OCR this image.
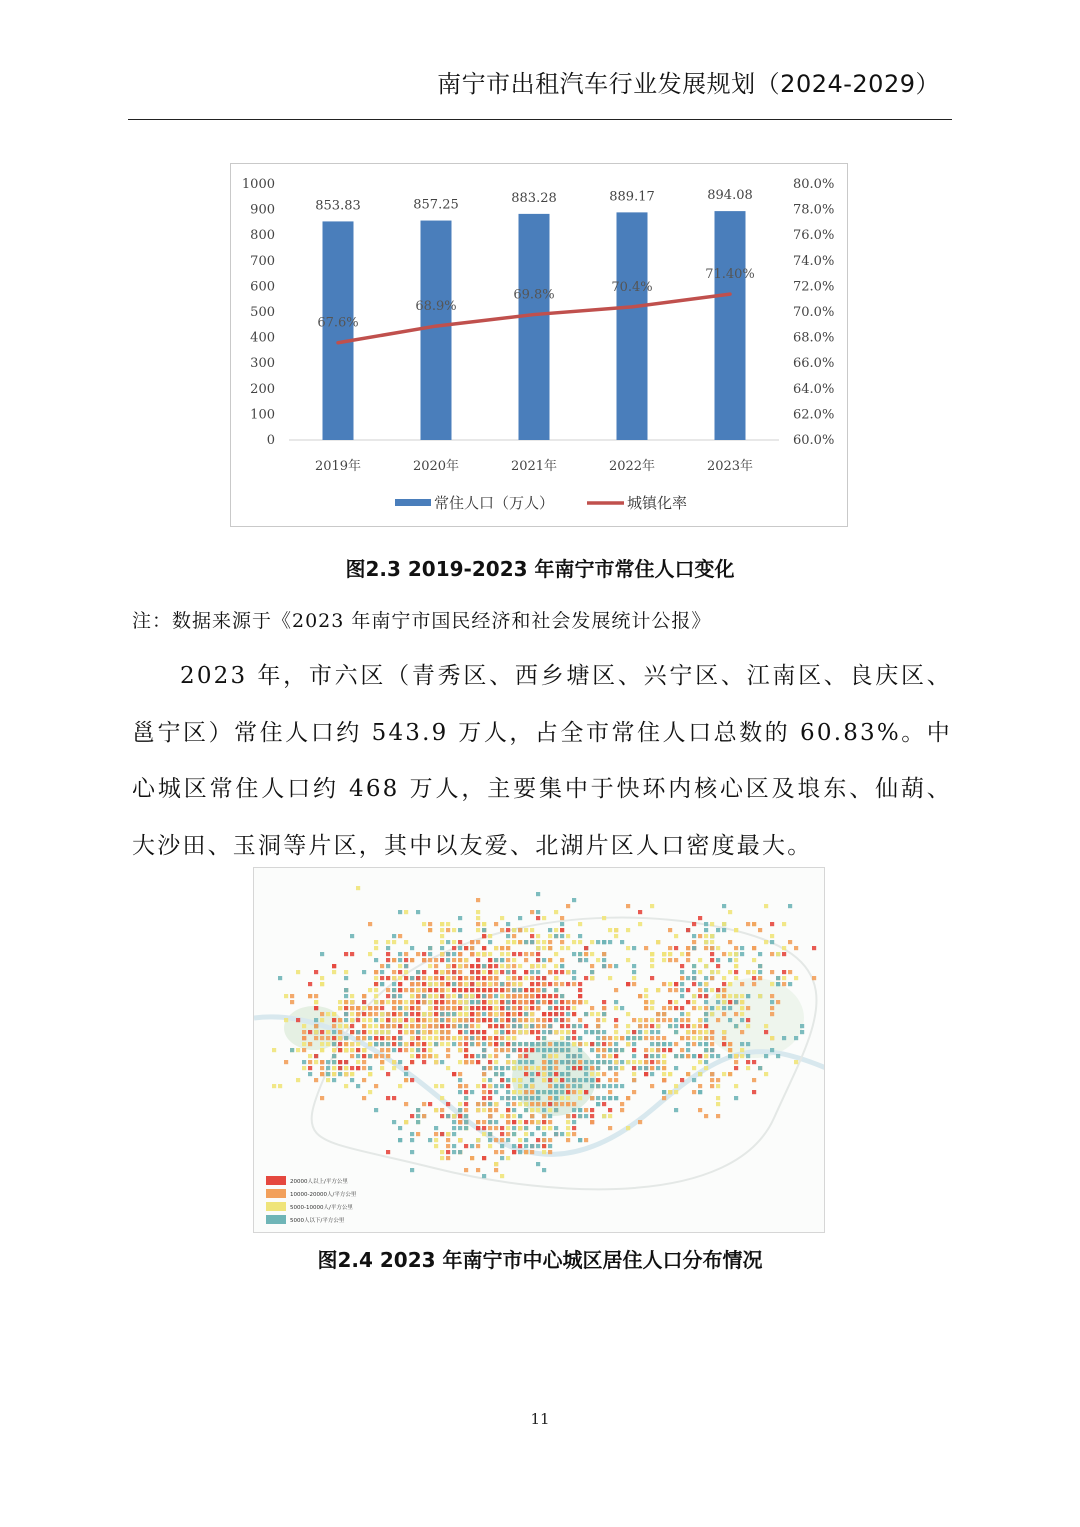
南宁市出租汽车行业发展规划（2024-2029）
0
100
200
300
400
500
600
700
800
900
1000
60.0%
62.0%
64.0%
66.0%
68.0%
70.0%
72.0%
74.0%
76.0%
78.0%
80.0%
853.83
2019年
857.25
2020年
883.28
2021年
889.17
2022年
894.08
2023年
67.6%
68.9%
69.8%
70.4%
71.40%
常住人口（万人）	城镇化率
图2.3 2019-2023 年南宁市常住人口变化
注：数据来源于《2023 年南宁市国民经济和社会发展统计公报》
2023 年，市六区（青秀区、西乡塘区、兴宁区、江南区、良庆区、邕宁区）常住人口约 543.9 万人，占全市常住人口总数的 60.83%。中心城区常住人口约 468 万人，主要集中于快环内核心区及埌东、仙葫、大沙田、玉洞等片区，其中以友爱、北湖片区人口密度最大。
20000人以上/平方公里
10000-20000人/平方公里
5000-10000人/平方公里
5000人以下/平方公里
图2.4 2023 年南宁市中心城区居住人口分布情况
11
